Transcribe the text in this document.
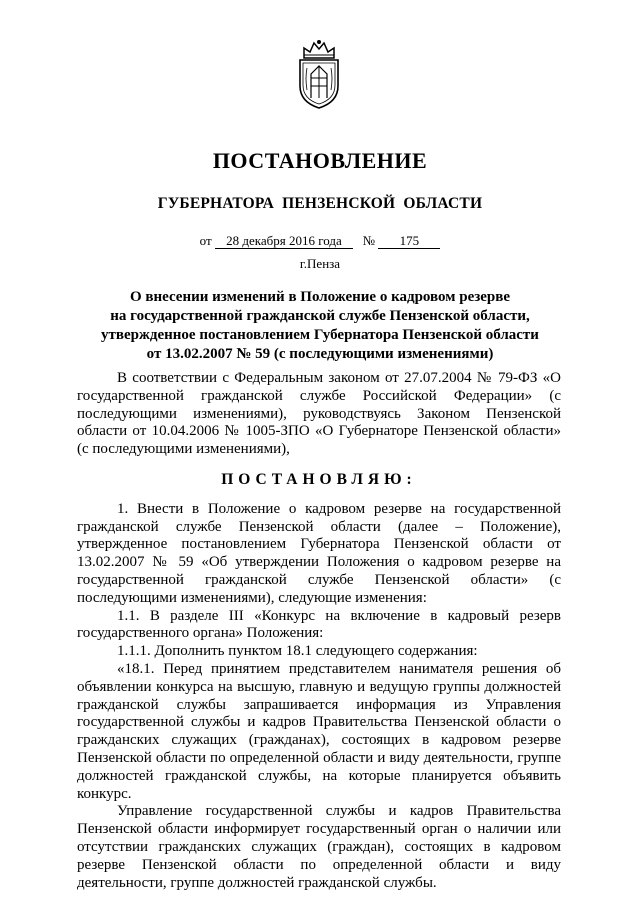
ПОСТАНОВЛЕНИЕ
ГУБЕРНАТОРА ПЕНЗЕНСКОЙ ОБЛАСТИ
от 28 декабря 2016 года № 175
г.Пенза
О внесении изменений в Положение о кадровом резерве
на государственной гражданской службе Пензенской области,
утвержденное постановлением Губернатора Пензенской области
от 13.02.2007 № 59 (с последующими изменениями)

В соответствии с Федеральным законом от 27.07.2004 № 79-ФЗ «О государственной гражданской службе Российской Федерации» (с последующими изменениями), руководствуясь Законом Пензенской области от 10.04.2006 № 1005-ЗПО «О Губернаторе Пензенской области» (с последующими изменениями),

ПОСТАНОВЛЯЮ:

1. Внести в Положение о кадровом резерве на государственной гражданской службе Пензенской области (далее – Положение), утвержденное постановлением Губернатора Пензенской области от 13.02.2007 № 59 «Об утверждении Положения о кадровом резерве на государственной гражданской службе Пензенской области» (с последующими изменениями), следующие изменения:

1.1. В разделе III «Конкурс на включение в кадровый резерв государственного органа» Положения:

1.1.1. Дополнить пунктом 18.1 следующего содержания:

«18.1. Перед принятием представителем нанимателя решения об объявлении конкурса на высшую, главную и ведущую группы должностей гражданской службы запрашивается информация из Управления государственной службы и кадров Правительства Пензенской области о гражданских служащих (гражданах), состоящих в кадровом резерве Пензенской области по определенной области и виду деятельности, группе должностей гражданской службы, на которые планируется объявить конкурс.

Управление государственной службы и кадров Правительства Пензенской области информирует государственный орган о наличии или отсутствии гражданских служащих (граждан), состоящих в кадровом резерве Пензенской области по определенной области и виду деятельности, группе должностей гражданской службы.
